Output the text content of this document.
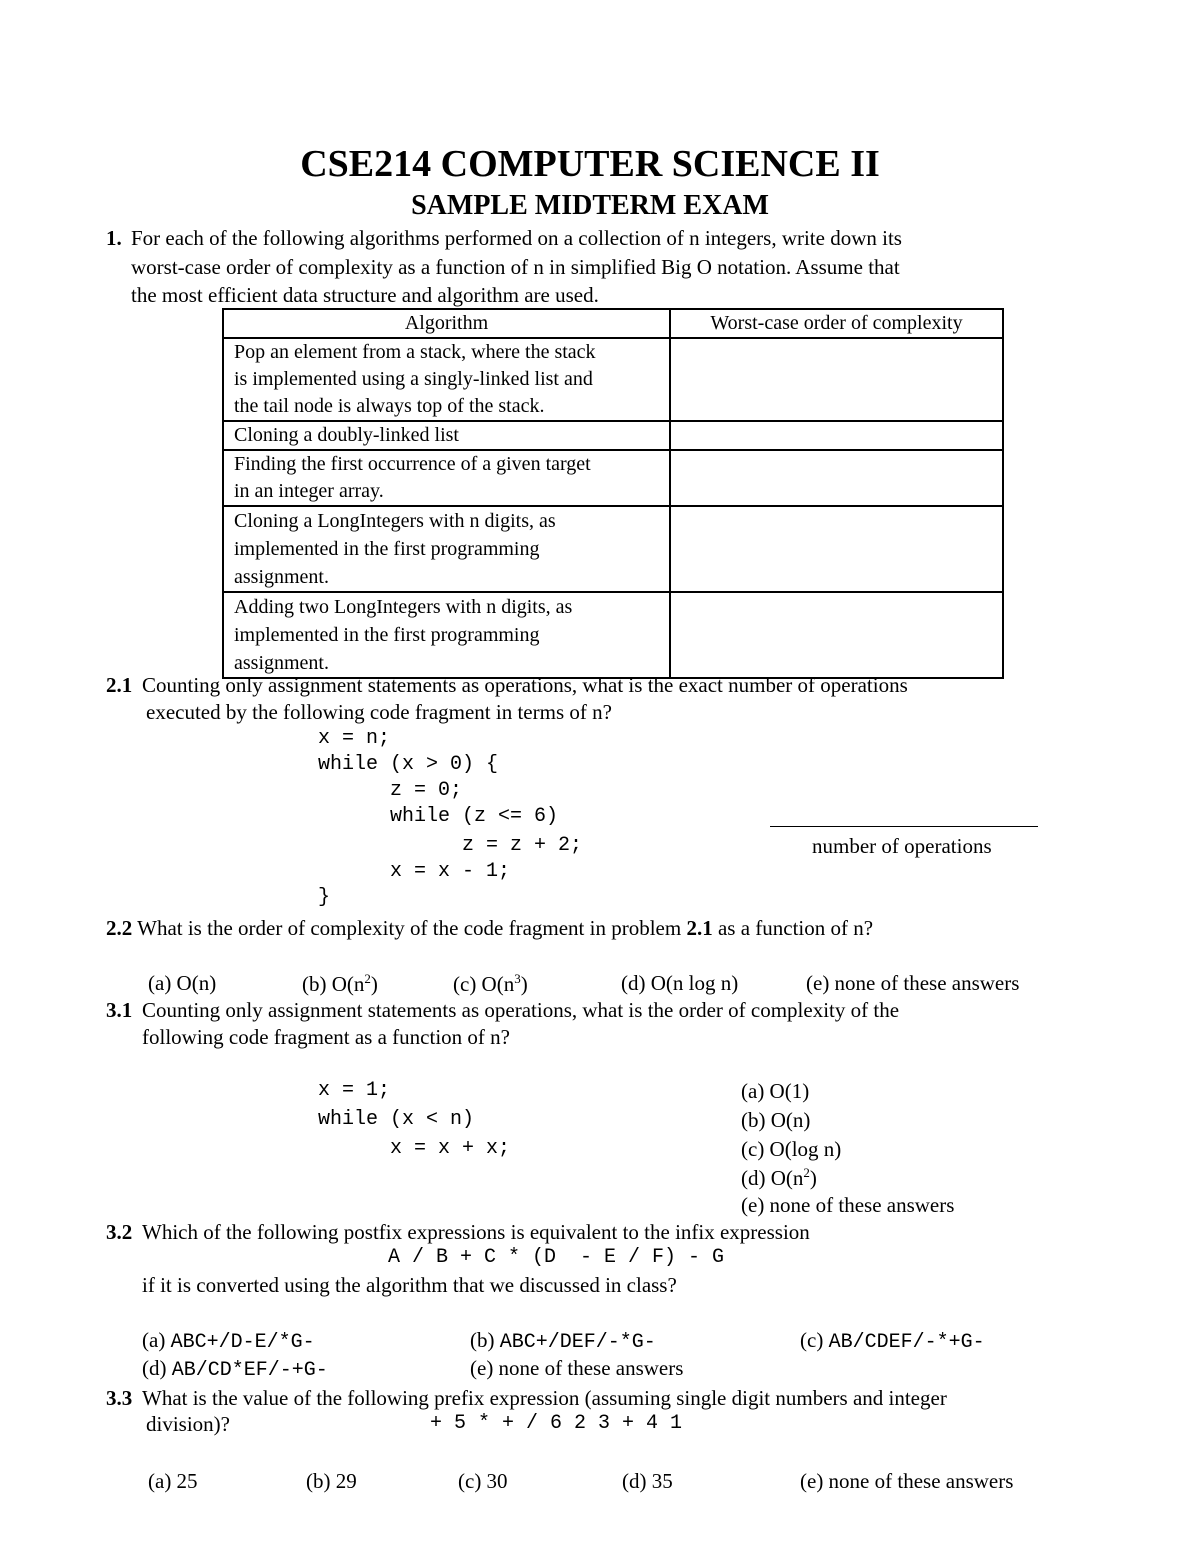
CSE214 COMPUTER SCIENCE II
SAMPLE MIDTERM EXAM
1. For each of the following algorithms performed on a collection of n integers, write down its
worst-case order of complexity as a function of n in simplified Big O notation. Assume that
the most efficient data structure and algorithm are used.
Algorithm	Worst-case order of complexity

Pop an element from a stack, where the stack
is implemented using a singly-linked list and
the tail node is always top of the stack.	

Cloning a doubly-linked list	

Finding the first occurrence of a given target
in an integer array.	

Cloning a LongIntegers with n digits, as
implemented in the first programming
assignment.	

Adding two LongIntegers with n digits, as
implemented in the first programming
assignment.	

2.1 Counting only assignment statements as operations, what is the exact number of operations
executed by the following code fragment in terms of n?
x = n;
while (x > 0) {
z = 0;
while (z <= 6)
z = z + 2;
x = x - 1;
}
number of operations
2.2 What is the order of complexity of the code fragment in problem 2.1 as a function of n?
(a) O(n)	(b) $O(n^2)$	(c) $O(n^3)$	(d) O(n log n)	(e) none of these answers
3.1 Counting only assignment statements as operations, what is the order of complexity of the
following code fragment as a function of n?
x = 1;
while (x < n)
x = x + x;
(a) O(1)
(b) O(n)
(c) O(log n)
(d) $O(n^2)$
(e) none of these answers
3.2 Which of the following postfix expressions is equivalent to the infix expression
A / B + C * (D  - E / F) - G
if it is converted using the algorithm that we discussed in class?
(a) ABC+/D-E/*G-	(b) ABC+/DEF/-*G-	(c) AB/CDEF/-*+G-
(d) AB/CD*EF/-+G-	(e) none of these answers
3.3 What is the value of the following prefix expression (assuming single digit numbers and integer
division)?	+ 5 * + / 6 2 3 + 4 1
(a) 25	(b) 29	(c) 30	(d) 35	(e) none of these answers
